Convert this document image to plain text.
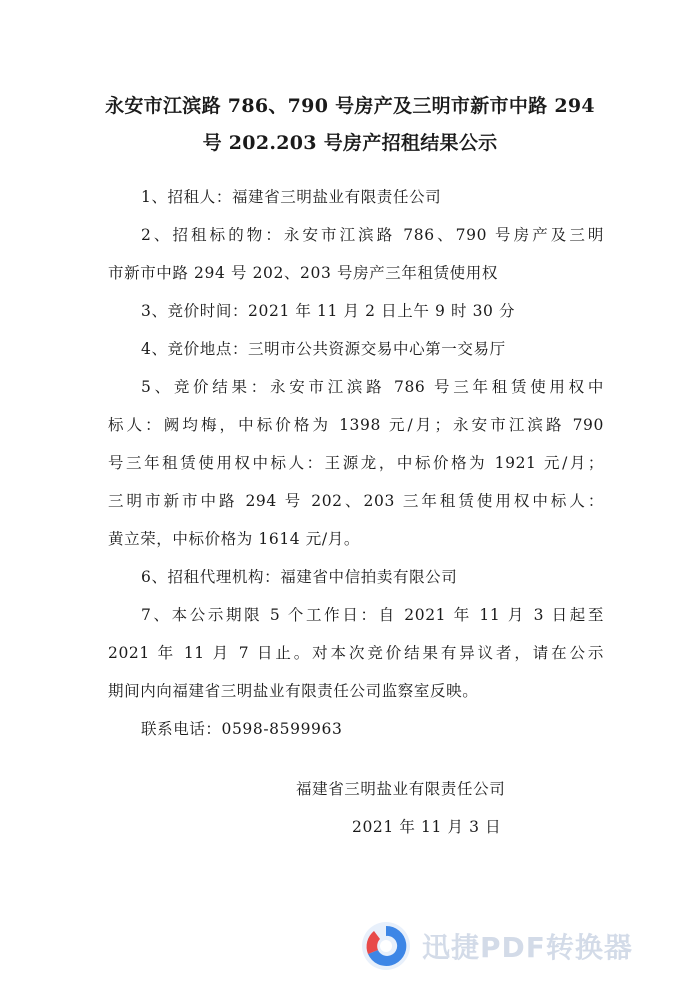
永安市江滨路 786、790 号房产及三明市新市中路 294
号 202.203 号房产招租结果公示
1、招租人：福建省三明盐业有限责任公司
2、招租标的物：永安市江滨路 786、790 号房产及三明
市新市中路 294 号 202、203 号房产三年租赁使用权
3、竞价时间：2021 年 11 月 2 日上午 9 时 30 分
4、竞价地点：三明市公共资源交易中心第一交易厅
5、竞价结果：永安市江滨路 786 号三年租赁使用权中
标人：阙均梅，中标价格为 1398 元/月；永安市江滨路 790
号三年租赁使用权中标人：王源龙，中标价格为 1921 元/月；
三明市新市中路 294 号 202、203 三年租赁使用权中标人：
黄立荣，中标价格为 1614 元/月。
6、招租代理机构：福建省中信拍卖有限公司
7、本公示期限 5 个工作日：自 2021 年 11 月 3 日起至
2021 年 11 月 7 日止。对本次竞价结果有异议者，请在公示
期间内向福建省三明盐业有限责任公司监察室反映。
联系电话：0598-8599963
福建省三明盐业有限责任公司
2021 年 11 月 3 日
迅捷PDF转换器
